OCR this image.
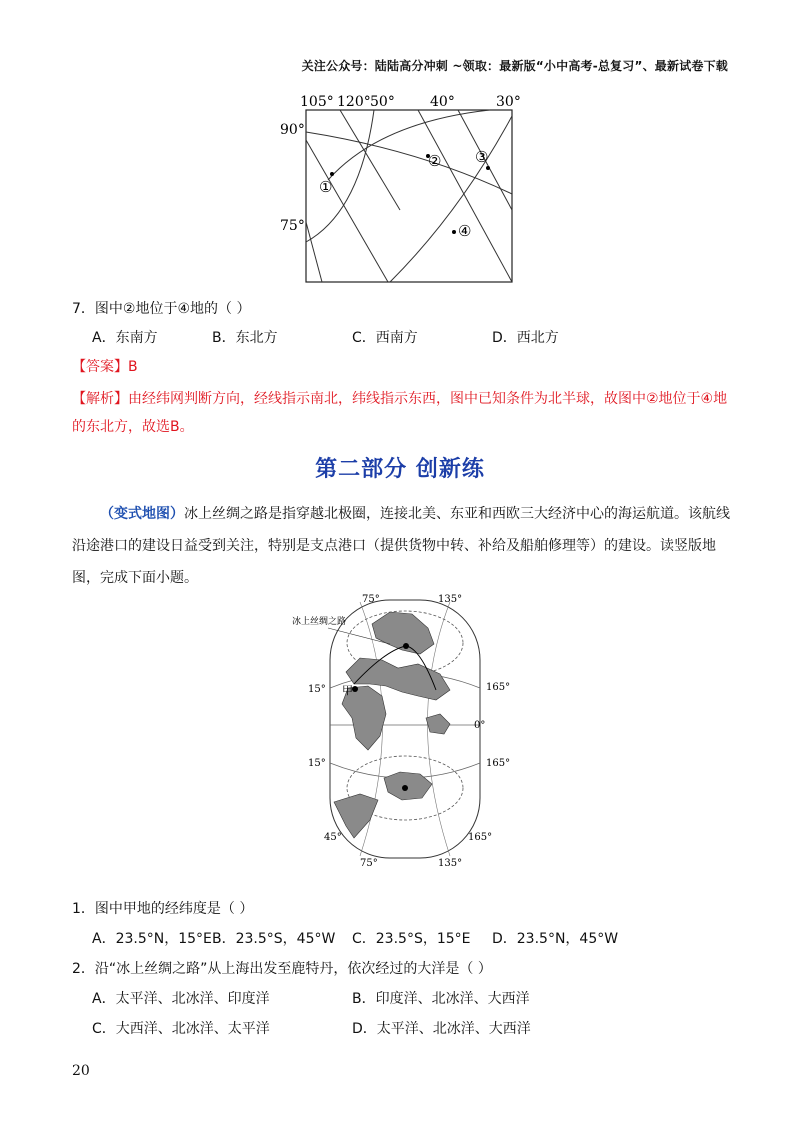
关注公众号：陆陆高分冲刺 ~领取：最新版“小中高考-总复习”、最新试卷下载
105° 120° 50°	40°	30°
90°
75°
①
② ③
④
7．图中②地位于④地的（ ）
A．东南方	B．东北方	C．西南方	D．西北方
【答案】B
【解析】由经纬网判断方向，经线指示南北，纬线指示东西，图中已知条件为北半球，故图中②地位于④地的东北方，故选B。
第二部分 创新练
（变式地图）冰上丝绸之路是指穿越北极圈，连接北美、东亚和西欧三大经济中心的海运航道。该航线沿途港口的建设日益受到关注，特别是支点港口（提供货物中转、补给及船舶修理等）的建设。读竖版地图，完成下面小题。
冰上丝绸之路
甲
75°	135°
15°	165°
0°
15°	165°
45°	165°
75°	135°
1．图中甲地的经纬度是（ ）
A．23.5°N，15°E B．23.5°S，45°W C．23.5°S，15°E D．23.5°N，45°W
2．沿“冰上丝绸之路”从上海出发至鹿特丹，依次经过的大洋是（ ）
A．太平洋、北冰洋、印度洋	B．印度洋、北冰洋、大西洋
C．大西洋、北冰洋、太平洋	D．太平洋、北冰洋、大西洋
20
